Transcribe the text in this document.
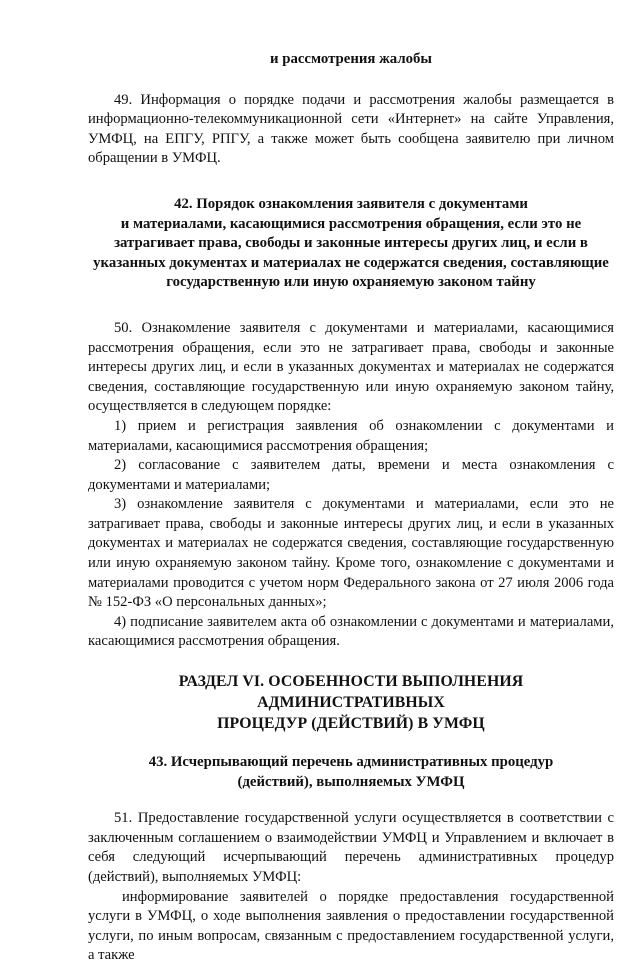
и рассмотрения жалобы

49. Информация о порядке подачи и рассмотрения жалобы размещается в информационно-телекоммуникационной сети «Интернет» на сайте Управления, УМФЦ, на ЕПГУ, РПГУ, а также может быть сообщена заявителю при личном обращении в УМФЦ.

42. Порядок ознакомления заявителя с документами
и материалами, касающимися рассмотрения обращения, если это не
затрагивает права, свободы и законные интересы других лиц, и если в
указанных документах и материалах не содержатся сведения, составляющие
государственную или иную охраняемую законом тайну

50. Ознакомление заявителя с документами и материалами, касающимися рассмотрения обращения, если это не затрагивает права, свободы и законные интересы других лиц, и если в указанных документах и материалах не содержатся сведения, составляющие государственную или иную охраняемую законом тайну, осуществляется в следующем порядке:

1) прием и регистрация заявления об ознакомлении с документами и материалами, касающимися рассмотрения обращения;

2) согласование с заявителем даты, времени и места ознакомления с документами и материалами;

3) ознакомление заявителя с документами и материалами, если это не затрагивает права, свободы и законные интересы других лиц, и если в указанных документах и материалах не содержатся сведения, составляющие государственную или иную охраняемую законом тайну. Кроме того, ознакомление с документами и материалами проводится с учетом норм Федерального закона от 27 июля 2006 года № 152-ФЗ «О персональных данных»;

4) подписание заявителем акта об ознакомлении с документами и материалами, касающимися рассмотрения обращения.

РАЗДЕЛ VI. ОСОБЕННОСТИ ВЫПОЛНЕНИЯ АДМИНИСТРАТИВНЫХ
ПРОЦЕДУР (ДЕЙСТВИЙ) В УМФЦ
43. Исчерпывающий перечень административных процедур
(действий), выполняемых УМФЦ

51. Предоставление государственной услуги осуществляется в соответствии с заключенным соглашением о взаимодействии УМФЦ и Управлением и включает в себя следующий исчерпывающий перечень административных процедур (действий), выполняемых УМФЦ:

информирование заявителей о порядке предоставления государственной услуги в УМФЦ, о ходе выполнения заявления о предоставлении государственной услуги, по иным вопросам, связанным с предоставлением государственной услуги, а также
